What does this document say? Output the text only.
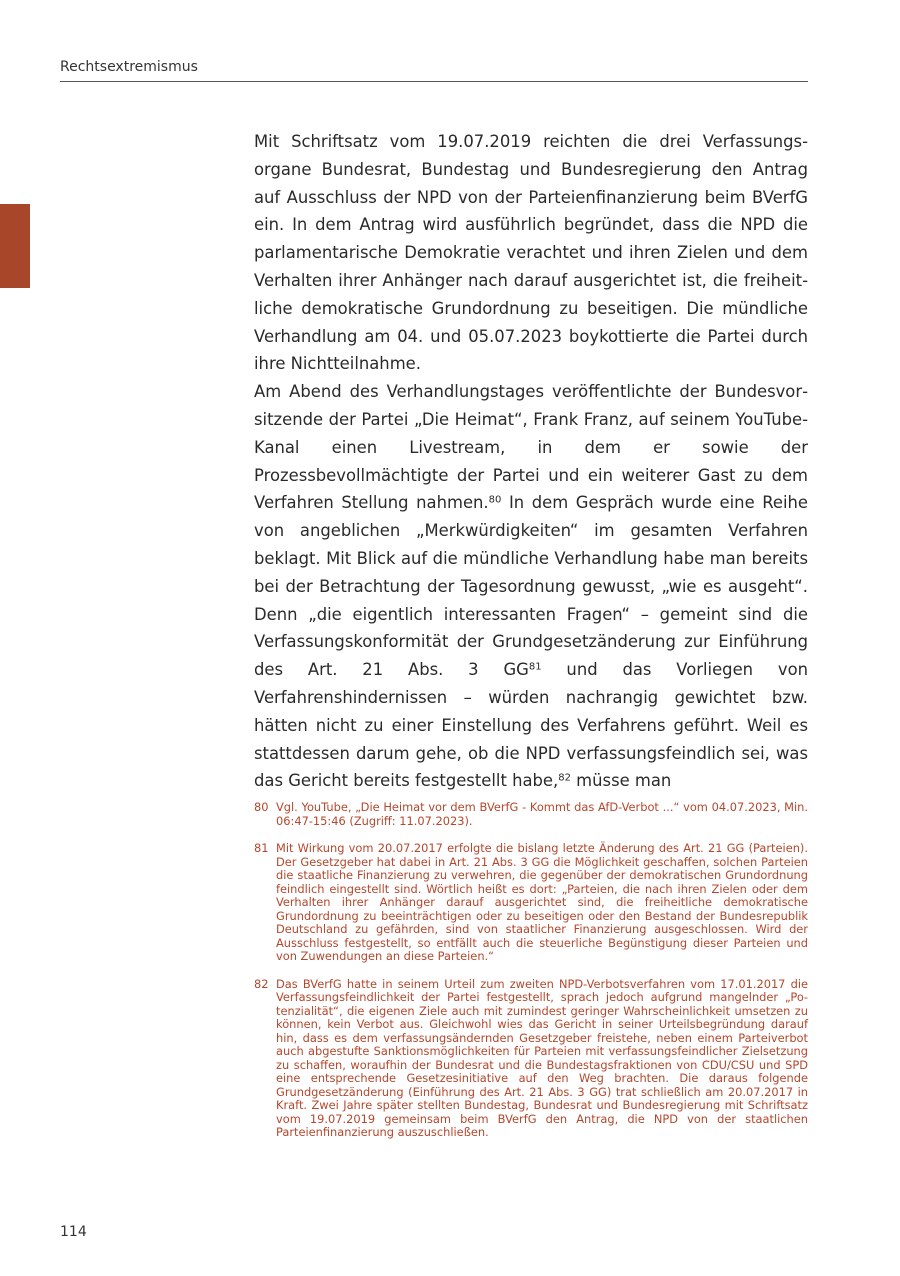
Rechtsextremismus

Mit Schriftsatz vom 19.07.2019 reichten die drei Verfassungsorgane Bundesrat, Bundestag und Bundesregierung den Antrag auf Ausschluss der NPD von der Parteienfinanzierung beim BVerfG ein. In dem Antrag wird ausführlich begründet, dass die NPD die parlamentarische Demokratie verachtet und ihren Zielen und dem Verhalten ihrer Anhänger nach darauf ausgerichtet ist, die freiheitliche demokratische Grundordnung zu beseitigen. Die mündliche Verhandlung am 04. und 05.07.2023 boykottierte die Partei durch ihre Nichtteilnahme.

Am Abend des Verhandlungstages veröffentlichte der Bundesvorsitzende der Partei „Die Heimat“, Frank Franz, auf seinem YouTube-Kanal einen Livestream, in dem er sowie der Prozessbevollmächtigte der Partei und ein weiterer Gast zu dem Verfahren Stellung nahmen.$^{80}$ In dem Gespräch wurde eine Reihe von angeblichen „Merkwürdigkeiten“ im gesamten Verfahren beklagt. Mit Blick auf die mündliche Verhandlung habe man bereits bei der Betrachtung der Tagesordnung gewusst, „wie es ausgeht“. Denn „die eigentlich interessanten Fragen“ – gemeint sind die Verfassungskonformität der Grundgesetzänderung zur Einführung des Art. 21 Abs. 3 GG$^{81}$ und das Vorliegen von Verfahrenshindernissen – würden nachrangig gewichtet bzw. hätten nicht zu einer Einstellung des Verfahrens geführt. Weil es stattdessen darum gehe, ob die NPD verfassungsfeindlich sei, was das Gericht bereits festgestellt habe,$^{82}$ müsse man

80 Vgl. YouTube, „Die Heimat vor dem BVerfG - Kommt das AfD-Verbot ...“ vom 04.07.2023, Min. 06:47-15:46 (Zugriff: 11.07.2023).
81 Mit Wirkung vom 20.07.2017 erfolgte die bislang letzte Änderung des Art. 21 GG (Parteien). Der Gesetzgeber hat dabei in Art. 21 Abs. 3 GG die Möglichkeit geschaffen, solchen Parteien die staatliche Finanzierung zu verwehren, die gegenüber der demokratischen Grundordnung feindlich eingestellt sind. Wörtlich heißt es dort: „Parteien, die nach ihren Zielen oder dem Verhalten ihrer Anhänger darauf ausgerichtet sind, die freiheitliche demokratische Grundordnung zu beeinträchtigen oder zu beseitigen oder den Bestand der Bundesrepublik Deutschland zu gefährden, sind von staatlicher Finanzierung ausgeschlossen. Wird der Ausschluss festgestellt, so entfällt auch die steuerliche Begünstigung dieser Parteien und von Zuwendungen an diese Parteien.“
82 Das BVerfG hatte in seinem Urteil zum zweiten NPD-Verbotsverfahren vom 17.01.2017 die Verfassungsfeindlichkeit der Partei festgestellt, sprach jedoch aufgrund mangelnder „Potenzialität“, die eigenen Ziele auch mit zumindest geringer Wahrscheinlichkeit umsetzen zu können, kein Verbot aus. Gleichwohl wies das Gericht in seiner Urteilsbegründung darauf hin, dass es dem verfassungsändernden Gesetzgeber freistehe, neben einem Parteiverbot auch abgestufte Sanktionsmöglichkeiten für Parteien mit verfassungsfeindlicher Zielsetzung zu schaffen, woraufhin der Bundesrat und die Bundestagsfraktionen von CDU/CSU und SPD eine entsprechende Gesetzesinitiative auf den Weg brachten. Die daraus folgende Grundgesetzänderung (Einführung des Art. 21 Abs. 3 GG) trat schließlich am 20.07.2017 in Kraft. Zwei Jahre später stellten Bundestag, Bundesrat und Bundesregierung mit Schriftsatz vom 19.07.2019 gemeinsam beim BVerfG den Antrag, die NPD von der staatlichen Parteienfinanzierung auszuschließen.
114
